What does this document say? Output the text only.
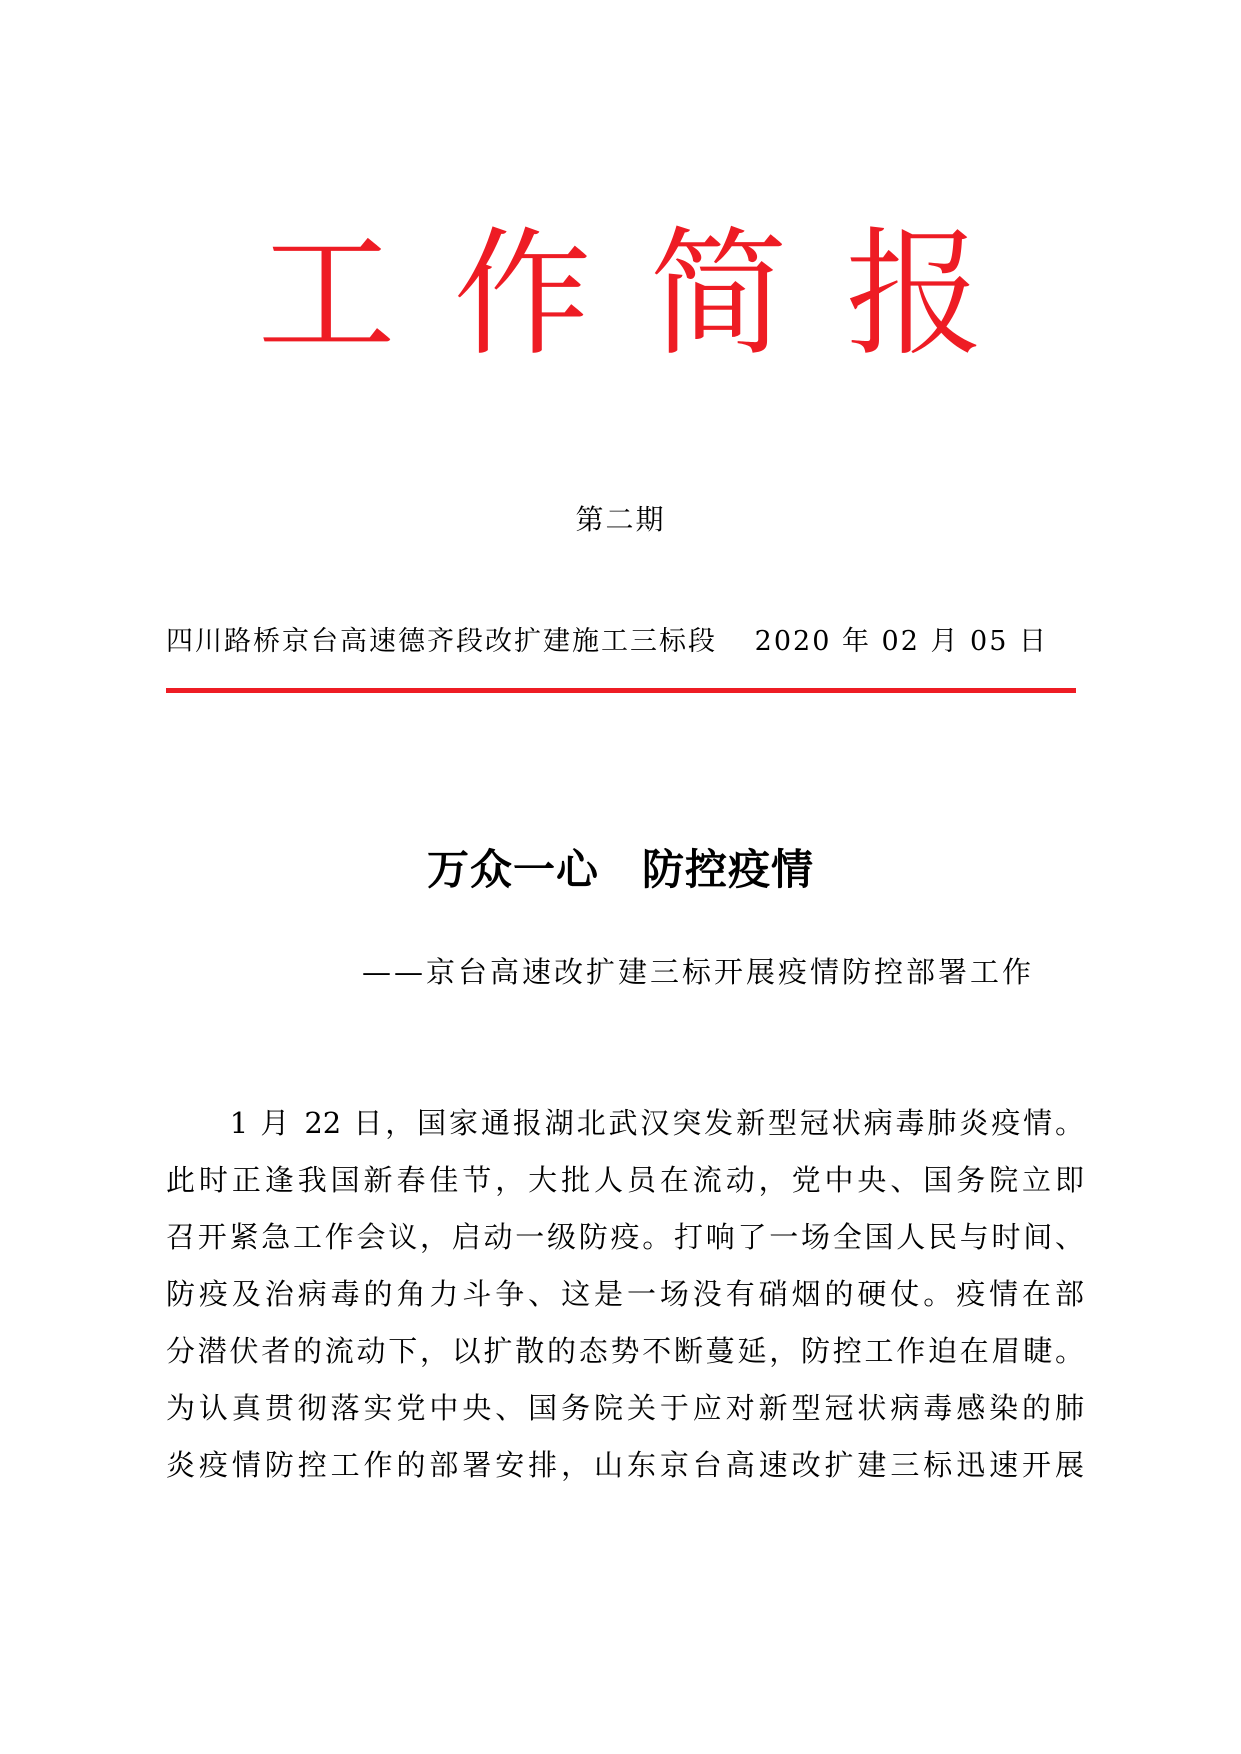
工作简报
第二期
四川路桥京台高速德齐段改扩建施工三标段 2020 年 02 月 05 日
万众一心　防控疫情
——京台高速改扩建三标开展疫情防控部署工作
　　1 月 22 日，国家通报湖北武汉突发新型冠状病毒肺炎疫情。
此时正逢我国新春佳节，大批人员在流动，党中央、国务院立即
召开紧急工作会议，启动一级防疫。打响了一场全国人民与时间、
防疫及治病毒的角力斗争、这是一场没有硝烟的硬仗。疫情在部
分潜伏者的流动下，以扩散的态势不断蔓延，防控工作迫在眉睫。
为认真贯彻落实党中央、国务院关于应对新型冠状病毒感染的肺
炎疫情防控工作的部署安排，山东京台高速改扩建三标迅速开展
